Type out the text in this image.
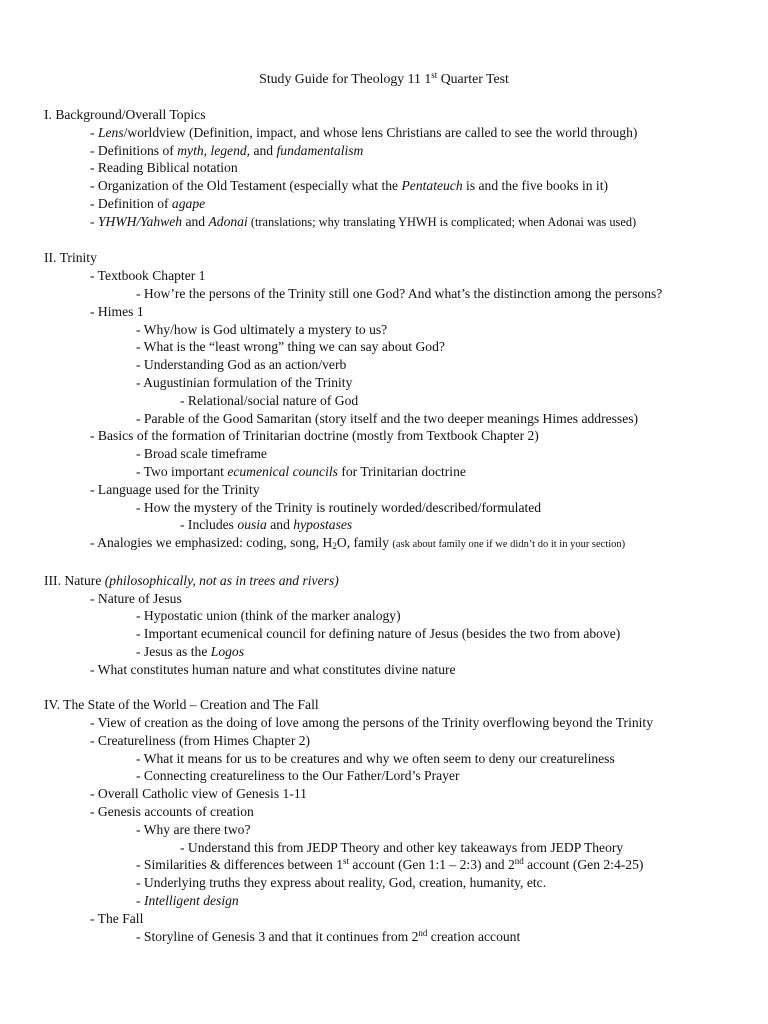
Study Guide for Theology 11 1st Quarter Test
I. Background/Overall Topics
- Lens/worldview (Definition, impact, and whose lens Christians are called to see the world through)
- Definitions of myth, legend, and fundamentalism
- Reading Biblical notation
- Organization of the Old Testament (especially what the Pentateuch is and the five books in it)
- Definition of agape
- YHWH/Yahweh and Adonai (translations; why translating YHWH is complicated; when Adonai was used)
II. Trinity
- Textbook Chapter 1
- How’re the persons of the Trinity still one God? And what’s the distinction among the persons?
- Himes 1
- Why/how is God ultimately a mystery to us?
- What is the “least wrong” thing we can say about God?
- Understanding God as an action/verb
- Augustinian formulation of the Trinity
- Relational/social nature of God
- Parable of the Good Samaritan (story itself and the two deeper meanings Himes addresses)
- Basics of the formation of Trinitarian doctrine (mostly from Textbook Chapter 2)
- Broad scale timeframe
- Two important ecumenical councils for Trinitarian doctrine
- Language used for the Trinity
- How the mystery of the Trinity is routinely worded/described/formulated
- Includes ousia and hypostases
- Analogies we emphasized: coding, song, $H_2O$, family (ask about family one if we didn’t do it in your section)
III. Nature (philosophically, not as in trees and rivers)
- Nature of Jesus
- Hypostatic union (think of the marker analogy)
- Important ecumenical council for defining nature of Jesus (besides the two from above)
- Jesus as the Logos
- What constitutes human nature and what constitutes divine nature
IV. The State of the World – Creation and The Fall
- View of creation as the doing of love among the persons of the Trinity overflowing beyond the Trinity
- Creatureliness (from Himes Chapter 2)
- What it means for us to be creatures and why we often seem to deny our creatureliness
- Connecting creatureliness to the Our Father/Lord’s Prayer
- Overall Catholic view of Genesis 1-11
- Genesis accounts of creation
- Why are there two?
- Understand this from JEDP Theory and other key takeaways from JEDP Theory
- Similarities & differences between 1st account (Gen 1:1 – 2:3) and 2nd account (Gen 2:4-25)
- Underlying truths they express about reality, God, creation, humanity, etc.
- Intelligent design
- The Fall
- Storyline of Genesis 3 and that it continues from 2nd creation account
